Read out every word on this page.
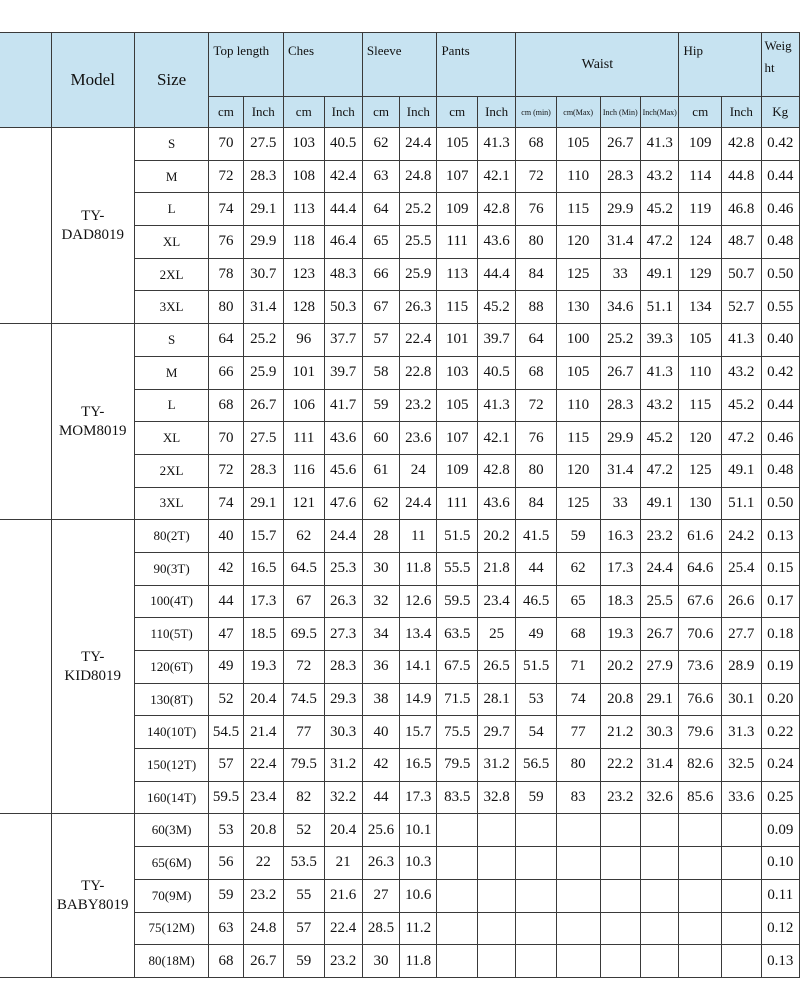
	Model	Size	Top length		Ches		Sleeve		Pants		Waist				Hip		Weig
ht
			cm	Inch	cm	Inch	cm	Inch	cm	Inch	cm (min)	cm(Max)	Inch (Min)	Inch(Max)	cm	Inch	Kg
	TY-
DAD8019	S	70	27.5	103	40.5	62	24.4	105	41.3	68	105	26.7	41.3	109	42.8	0.42
		M	72	28.3	108	42.4	63	24.8	107	42.1	72	110	28.3	43.2	114	44.8	0.44
		L	74	29.1	113	44.4	64	25.2	109	42.8	76	115	29.9	45.2	119	46.8	0.46
		XL	76	29.9	118	46.4	65	25.5	111	43.6	80	120	31.4	47.2	124	48.7	0.48
		2XL	78	30.7	123	48.3	66	25.9	113	44.4	84	125	33	49.1	129	50.7	0.50
		3XL	80	31.4	128	50.3	67	26.3	115	45.2	88	130	34.6	51.1	134	52.7	0.55
	TY-
MOM8019	S	64	25.2	96	37.7	57	22.4	101	39.7	64	100	25.2	39.3	105	41.3	0.40
		M	66	25.9	101	39.7	58	22.8	103	40.5	68	105	26.7	41.3	110	43.2	0.42
		L	68	26.7	106	41.7	59	23.2	105	41.3	72	110	28.3	43.2	115	45.2	0.44
		XL	70	27.5	111	43.6	60	23.6	107	42.1	76	115	29.9	45.2	120	47.2	0.46
		2XL	72	28.3	116	45.6	61	24	109	42.8	80	120	31.4	47.2	125	49.1	0.48
		3XL	74	29.1	121	47.6	62	24.4	111	43.6	84	125	33	49.1	130	51.1	0.50
	TY-
KID8019	80(2T)	40	15.7	62	24.4	28	11	51.5	20.2	41.5	59	16.3	23.2	61.6	24.2	0.13
		90(3T)	42	16.5	64.5	25.3	30	11.8	55.5	21.8	44	62	17.3	24.4	64.6	25.4	0.15
		100(4T)	44	17.3	67	26.3	32	12.6	59.5	23.4	46.5	65	18.3	25.5	67.6	26.6	0.17
		110(5T)	47	18.5	69.5	27.3	34	13.4	63.5	25	49	68	19.3	26.7	70.6	27.7	0.18
		120(6T)	49	19.3	72	28.3	36	14.1	67.5	26.5	51.5	71	20.2	27.9	73.6	28.9	0.19
		130(8T)	52	20.4	74.5	29.3	38	14.9	71.5	28.1	53	74	20.8	29.1	76.6	30.1	0.20
		140(10T)	54.5	21.4	77	30.3	40	15.7	75.5	29.7	54	77	21.2	30.3	79.6	31.3	0.22
		150(12T)	57	22.4	79.5	31.2	42	16.5	79.5	31.2	56.5	80	22.2	31.4	82.6	32.5	0.24
		160(14T)	59.5	23.4	82	32.2	44	17.3	83.5	32.8	59	83	23.2	32.6	85.6	33.6	0.25
	TY-
BABY8019	60(3M)	53	20.8	52	20.4	25.6	10.1									0.09
		65(6M)	56	22	53.5	21	26.3	10.3									0.10
		70(9M)	59	23.2	55	21.6	27	10.6									0.11
		75(12M)	63	24.8	57	22.4	28.5	11.2									0.12
		80(18M)	68	26.7	59	23.2	30	11.8									0.13
